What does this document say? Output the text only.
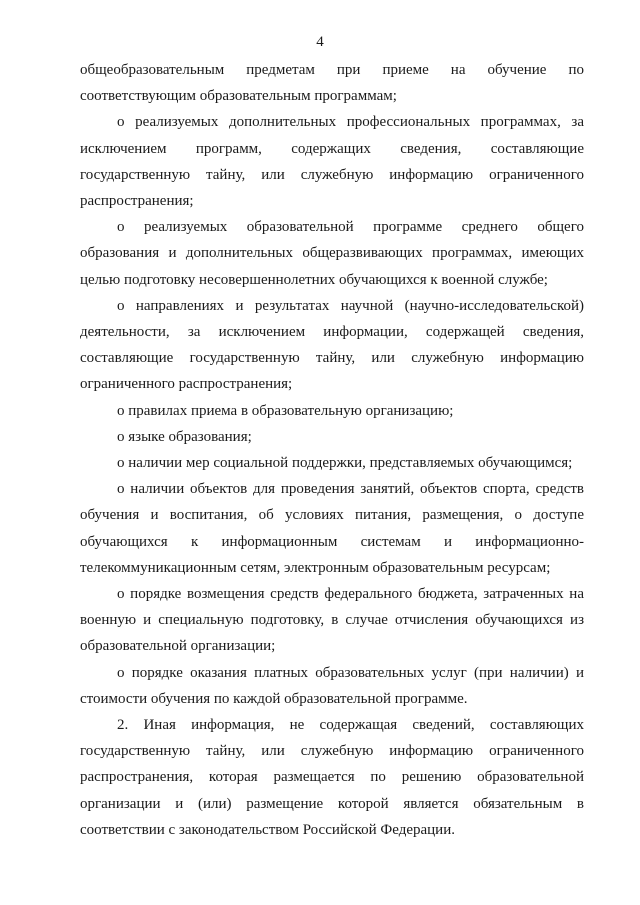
4

общеобразовательным предметам при приеме на обучение по соответствующим образовательным программам;

о реализуемых дополнительных профессиональных программах, за исключением программ, содержащих сведения, составляющие государственную тайну, или служебную информацию ограниченного распространения;

о реализуемых образовательной программе среднего общего образования и дополнительных общеразвивающих программах, имеющих целью подготовку несовершеннолетних обучающихся к военной службе;

о направлениях и результатах научной (научно-исследовательской) деятельности, за исключением информации, содержащей сведения, составляющие государственную тайну, или служебную информацию ограниченного распространения;

о правилах приема в образовательную организацию;

о языке образования;

о наличии мер социальной поддержки, представляемых обучающимся;

о наличии объектов для проведения занятий, объектов спорта, средств обучения и воспитания, об условиях питания, размещения, о доступе обучающихся к информационным системам и информационно-телекоммуникационным сетям, электронным образовательным ресурсам;

о порядке возмещения средств федерального бюджета, затраченных на военную и специальную подготовку, в случае отчисления обучающихся из образовательной организации;

о порядке оказания платных образовательных услуг (при наличии) и стоимости обучения по каждой образовательной программе.

2. Иная информация, не содержащая сведений, составляющих государственную тайну, или служебную информацию ограниченного распространения, которая размещается по решению образовательной организации и (или) размещение которой является обязательным в соответствии с законодательством Российской Федерации.
